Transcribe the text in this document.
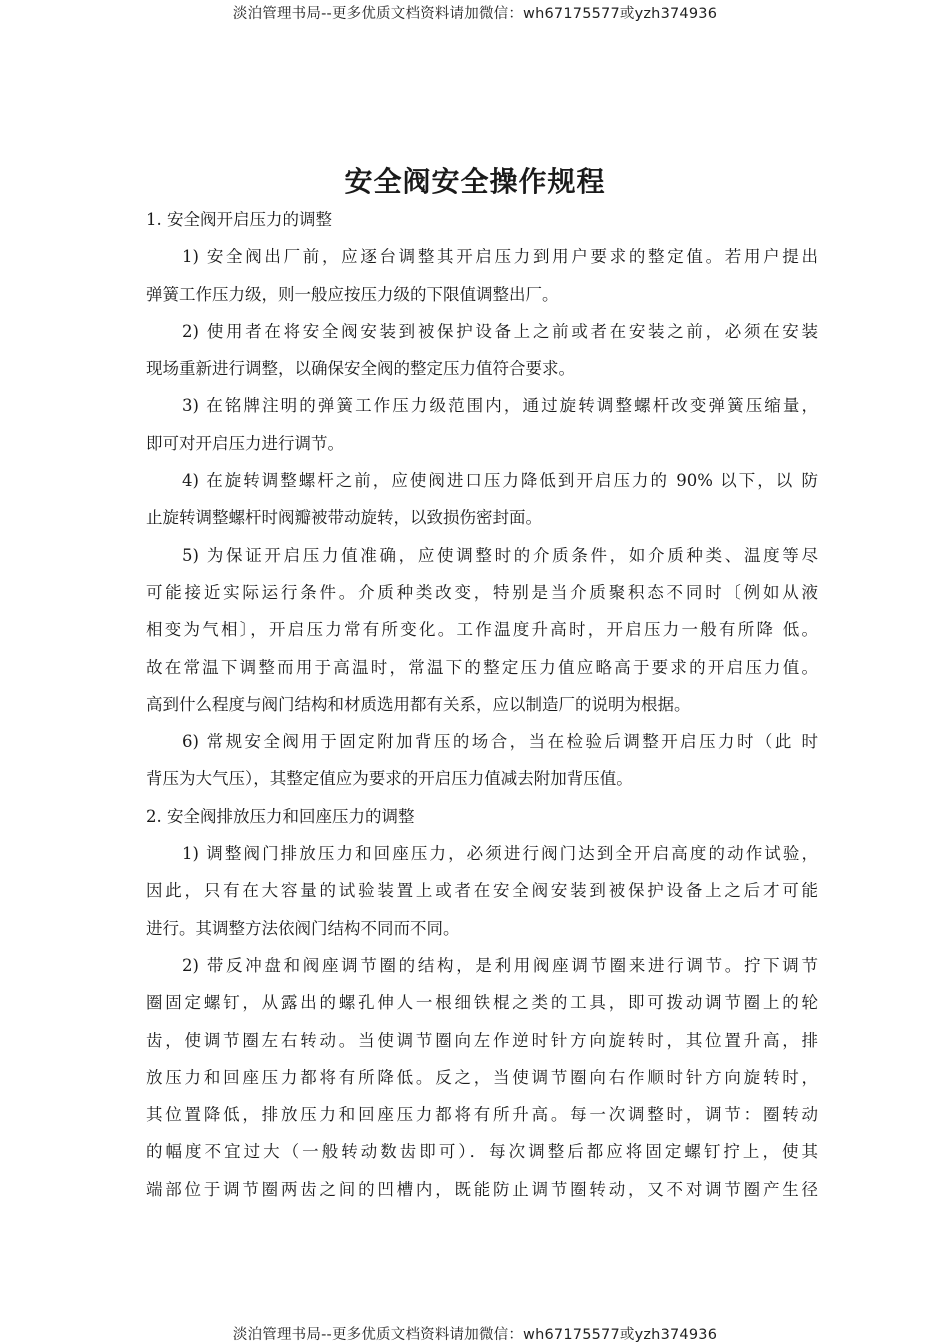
淡泊管理书局--更多优质文档资料请加微信：wh67175577或yzh374936
安全阀安全操作规程
1. 安全阀开启压力的调整
1) 安全阀出厂前，应逐台调整其开启压力到用户要求的整定值。若用户提出
弹簧工作压力级，则一般应按压力级的下限值调整出厂。
2) 使用者在将安全阀安装到被保护设备上之前或者在安装之前，必须在安装
现场重新进行调整，以确保安全阀的整定压力值符合要求。
3) 在铭牌注明的弹簧工作压力级范围内，通过旋转调整螺杆改变弹簧压缩量，
即可对开启压力进行调节。
4) 在旋转调整螺杆之前，应使阀进口压力降低到开启压力的 90% 以下，以 防
止旋转调整螺杆时阀瓣被带动旋转，以致损伤密封面。
5) 为保证开启压力值准确，应使调整时的介质条件，如介质种类、温度等尽
可能接近实际运行条件。介质种类改变，特别是当介质聚积态不同时〔例如从液
相变为气相〕，开启压力常有所变化。工作温度升高时，开启压力一般有所降 低。
故在常温下调整而用于高温时，常温下的整定压力值应略高于要求的开启压力值。
高到什么程度与阀门结构和材质选用都有关系，应以制造厂的说明为根据。
6) 常规安全阀用于固定附加背压的场合，当在检验后调整开启压力时（此 时
背压为大气压），其整定值应为要求的开启压力值减去附加背压值。
2. 安全阀排放压力和回座压力的调整
1) 调整阀门排放压力和回座压力，必须进行阀门达到全开启高度的动作试验，
因此，只有在大容量的试验装置上或者在安全阀安装到被保护设备上之后才可能
进行。其调整方法依阀门结构不同而不同。
2) 带反冲盘和阀座调节圈的结构，是利用阀座调节圈来进行调节。拧下调节
圈固定螺钉，从露出的螺孔伸人一根细铁棍之类的工具，即可拨动调节圈上的轮
齿，使调节圈左右转动。当使调节圈向左作逆时针方向旋转时，其位置升高，排
放压力和回座压力都将有所降低。反之，当使调节圈向右作顺时针方向旋转时，
其位置降低，排放压力和回座压力都将有所升高。每一次调整时，调节：圈转动
的幅度不宜过大（一般转动数齿即可）．每次调整后都应将固定螺钉拧上，使其
端部位于调节圈两齿之间的凹槽内，既能防止调节圈转动，又不对调节圈产生径
淡泊管理书局--更多优质文档资料请加微信：wh67175577或yzh374936
